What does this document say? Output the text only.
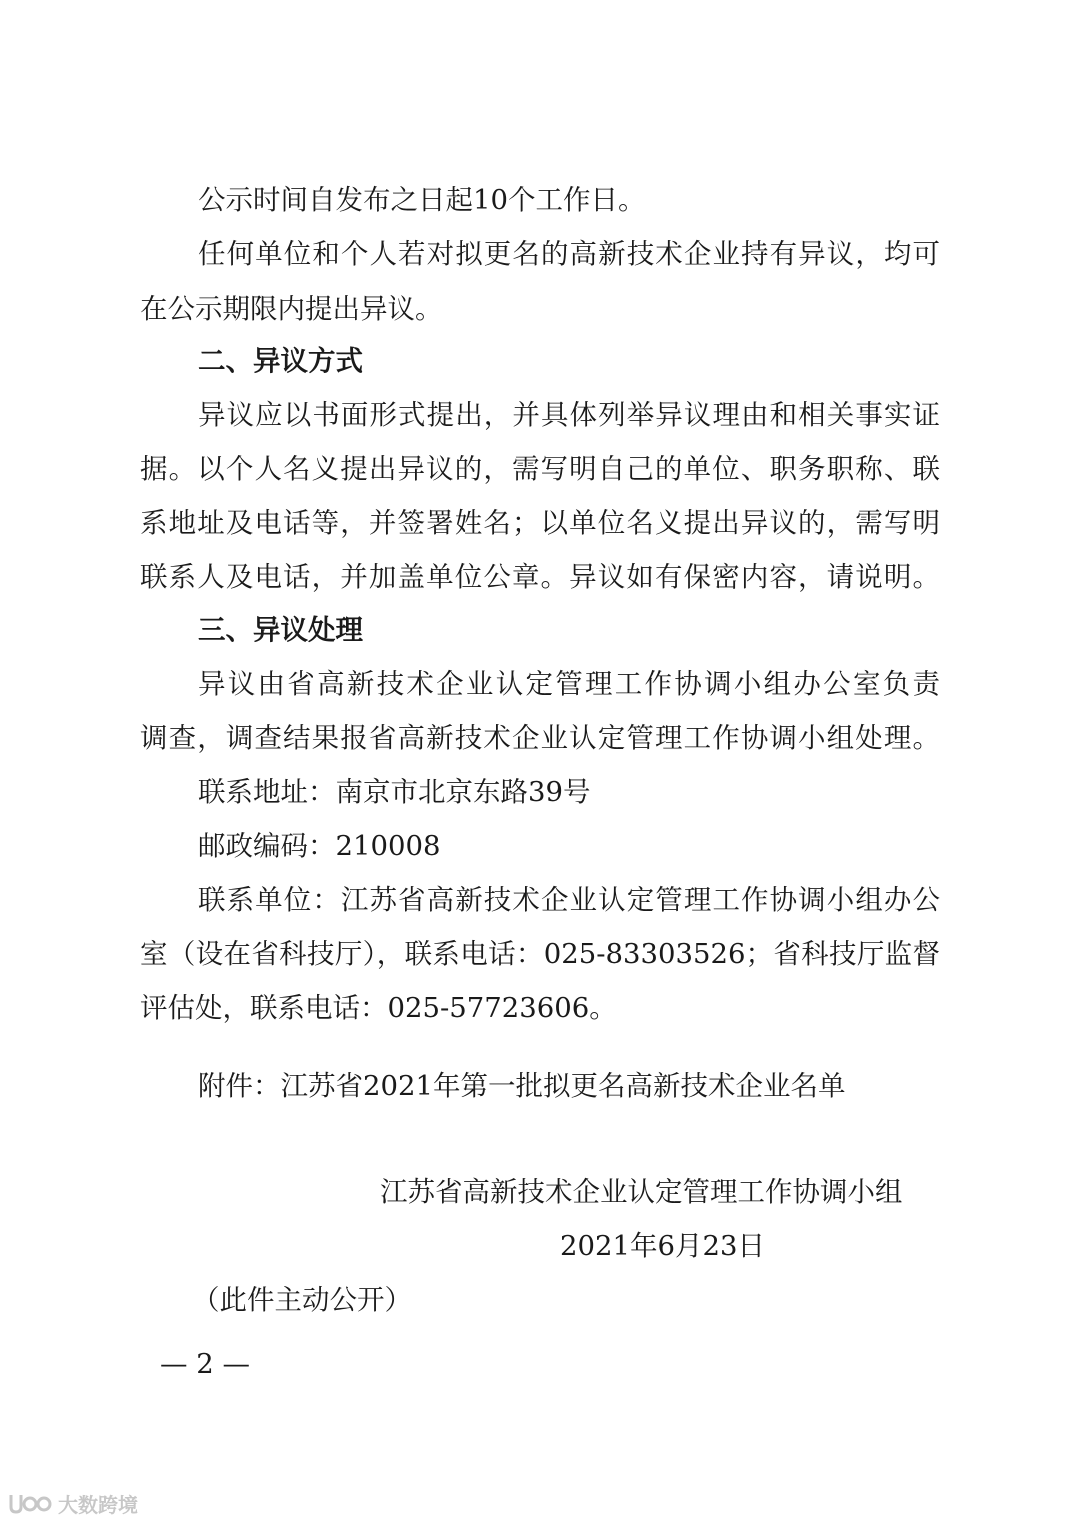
公示时间自发布之日起10个工作日。
任何单位和个人若对拟更名的高新技术企业持有异议，均可
在公示期限内提出异议。
二、异议方式
异议应以书面形式提出，并具体列举异议理由和相关事实证
据。以个人名义提出异议的，需写明自己的单位、职务职称、联
系地址及电话等，并签署姓名；以单位名义提出异议的，需写明
联系人及电话，并加盖单位公章。异议如有保密内容，请说明。
三、异议处理
异议由省高新技术企业认定管理工作协调小组办公室负责
调查，调查结果报省高新技术企业认定管理工作协调小组处理。
联系地址：南京市北京东路39号
邮政编码：210008
联系单位：江苏省高新技术企业认定管理工作协调小组办公
室（设在省科技厅），联系电话：025-83303526；省科技厅监督
评估处，联系电话：025-57723606。
附件：江苏省2021年第一批拟更名高新技术企业名单
江苏省高新技术企业认定管理工作协调小组
2021年6月23日
（此件主动公开）
— 2 —
大数跨境
